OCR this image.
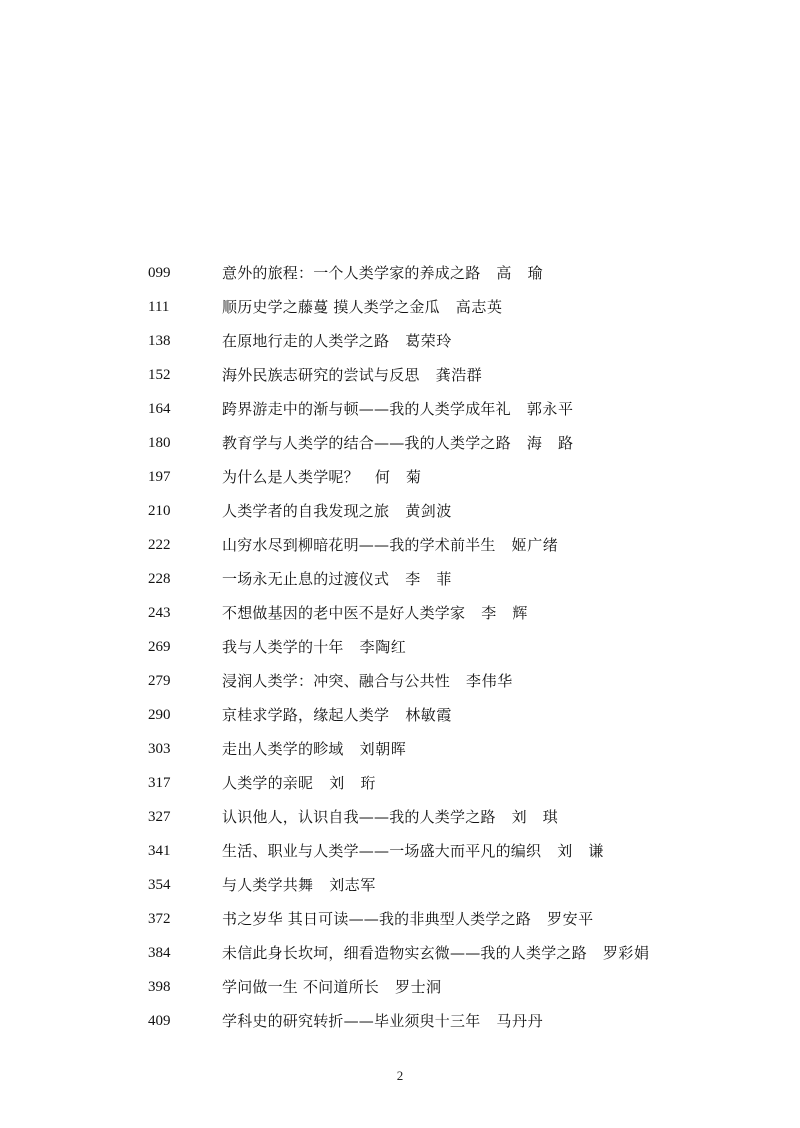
099	意外的旅程：一个人类学家的养成之路 高　瑜
111	顺历史学之藤蔓 摸人类学之金瓜 高志英
138	在原地行走的人类学之路 葛荣玲
152	海外民族志研究的尝试与反思 龚浩群
164	跨界游走中的渐与顿——我的人类学成年礼 郭永平
180	教育学与人类学的结合——我的人类学之路 海　路
197	为什么是人类学呢？ 何　菊
210	人类学者的自我发现之旅 黄剑波
222	山穷水尽到柳暗花明——我的学术前半生 姬广绪
228	一场永无止息的过渡仪式 李　菲
243	不想做基因的老中医不是好人类学家 李　辉
269	我与人类学的十年 李陶红
279	浸润人类学：冲突、融合与公共性 李伟华
290	京桂求学路，缘起人类学 林敏霞
303	走出人类学的畛域 刘朝晖
317	人类学的亲昵 刘　珩
327	认识他人，认识自我——我的人类学之路 刘　琪
341	生活、职业与人类学——一场盛大而平凡的编织 刘　谦
354	与人类学共舞 刘志军
372	书之岁华 其日可读——我的非典型人类学之路 罗安平
384	未信此身长坎坷，细看造物实玄微——我的人类学之路 罗彩娟
398	学问做一生 不问道所长 罗士泂
409	学科史的研究转折——毕业须臾十三年 马丹丹
2
